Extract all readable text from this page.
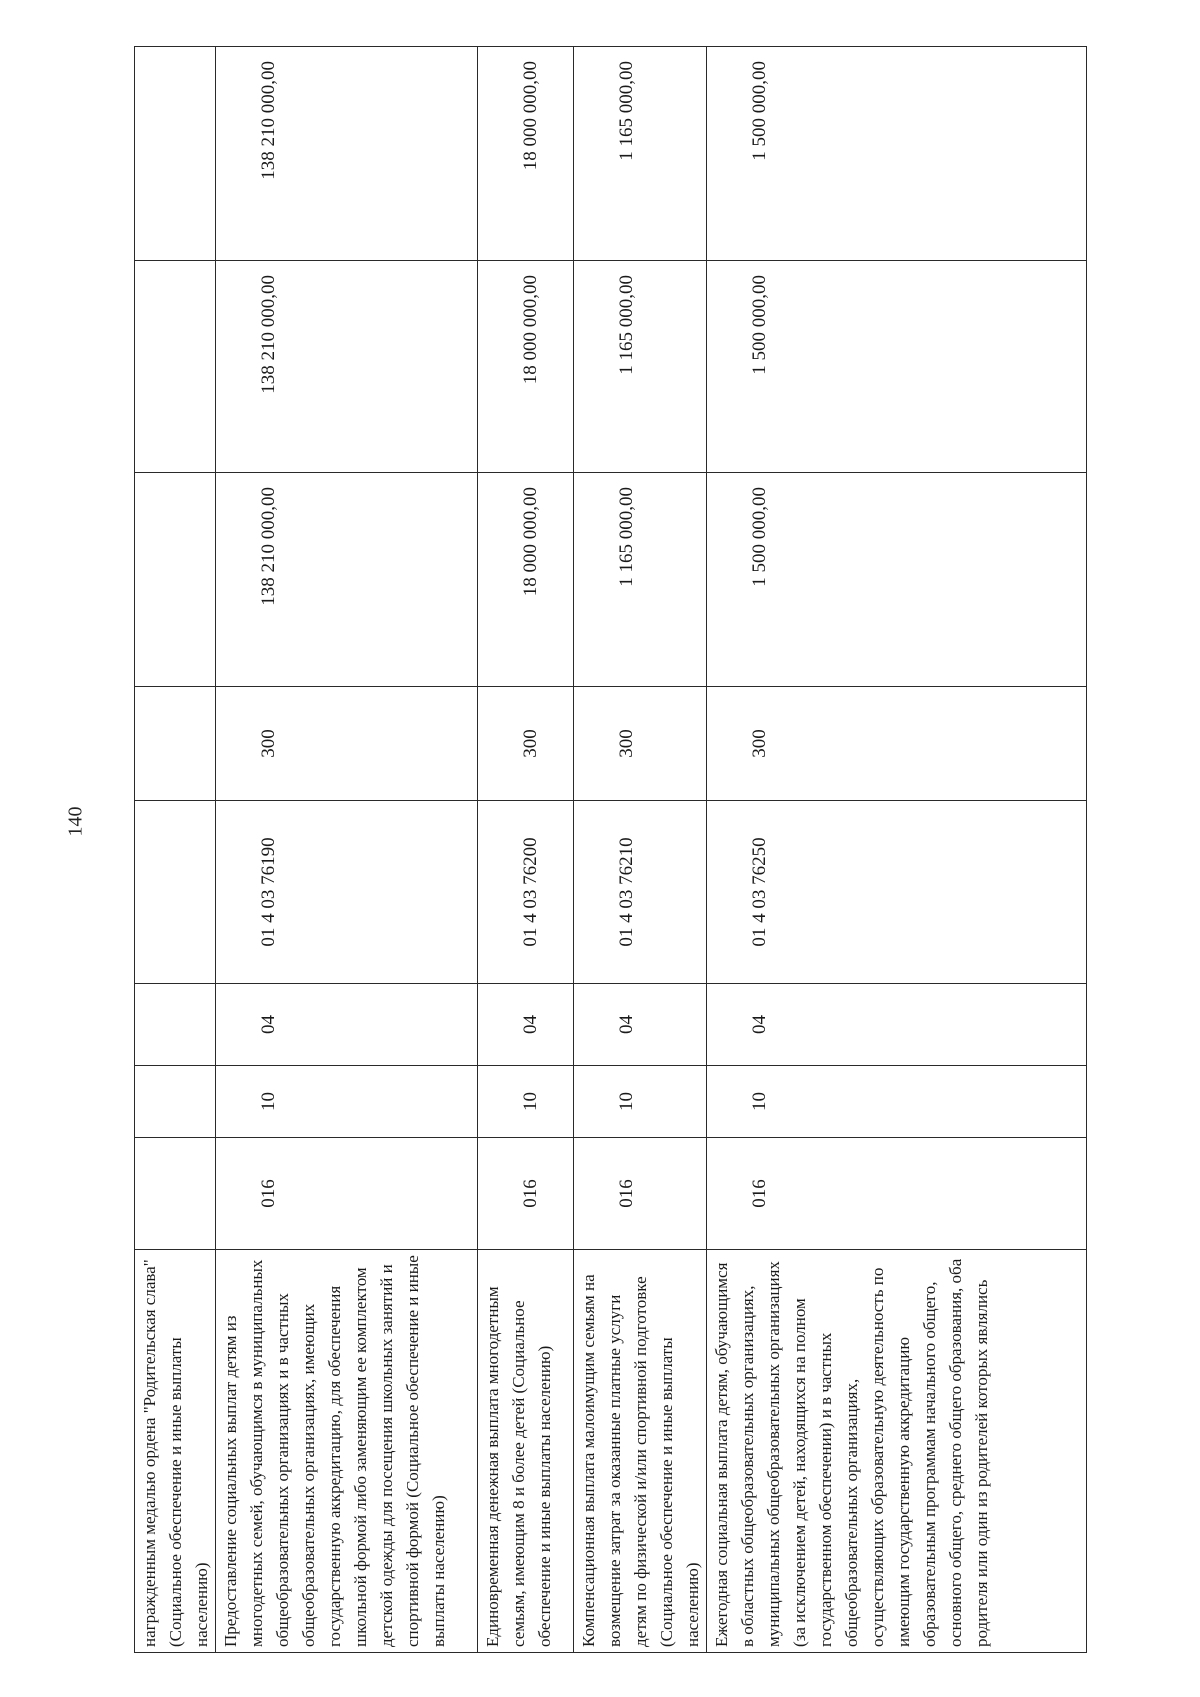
140
награжденным медалью ордена "Родительская слава" (Социальное обеспечение и иные выплаты населению)								
Предоставление социальных выплат детям из многодетных семей, обучающимся в муниципальных общеобразовательных организациях и в частных общеобразовательных организациях, имеющих государственную аккредитацию, для обеспечения школьной формой либо заменяющим ее комплектом детской одежды для посещения школьных занятий и спортивной формой (Социальное обеспечение и иные выплаты населению)	016	10	04	01 4 03 76190	300	138 210 000,00	138 210 000,00	138 210 000,00
Единовременная денежная выплата многодетным семьям, имеющим 8 и более детей (Социальное обеспечение и иные выплаты населению)	016	10	04	01 4 03 76200	300	18 000 000,00	18 000 000,00	18 000 000,00
Компенсационная выплата малоимущим семьям на возмещение затрат за оказанные платные услуги детям по физической и/или спортивной подготовке (Социальное обеспечение и иные выплаты населению)	016	10	04	01 4 03 76210	300	1 165 000,00	1 165 000,00	1 165 000,00
Ежегодная социальная выплата детям, обучающимся в областных общеобразовательных организациях, муниципальных общеобразовательных организациях (за исключением детей, находящихся на полном государственном обеспечении) и в частных общеобразовательных организациях, осуществляющих образовательную деятельность по имеющим государственную аккредитацию образовательным программам начального общего, основного общего, среднего общего образования, оба родителя или один из родителей которых являлись	016	10	04	01 4 03 76250	300	1 500 000,00	1 500 000,00	1 500 000,00
